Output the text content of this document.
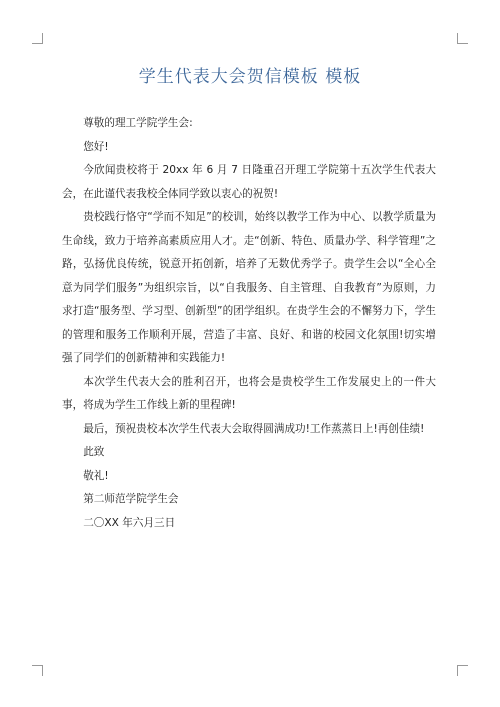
学生代表大会贺信模板 模板

尊敬的理工学院学生会:

您好!

今欣闻贵校将于 20xx 年 6 月 7 日隆重召开理工学院第十五次学生代表大会，在此谨代表我校全体同学致以衷心的祝贺!

贵校践行恪守“学而不知足”的校训，始终以教学工作为中心、以教学质量为生命线，致力于培养高素质应用人才。走“创新、特色、质量办学、科学管理”之路，弘扬优良传统，锐意开拓创新，培养了无数优秀学子。贵学生会以“全心全意为同学们服务”为组织宗旨，以“自我服务、自主管理、自我教育”为原则，力求打造“服务型、学习型、创新型”的团学组织。在贵学生会的不懈努力下，学生的管理和服务工作顺利开展，营造了丰富、良好、和谐的校园文化氛围!切实增强了同学们的创新精神和实践能力!

本次学生代表大会的胜利召开，也将会是贵校学生工作发展史上的一件大事，将成为学生工作线上新的里程碑!

最后，预祝贵校本次学生代表大会取得圆满成功!工作蒸蒸日上!再创佳绩!

此致

敬礼!

第二师范学院学生会

二〇XX 年六月三日
